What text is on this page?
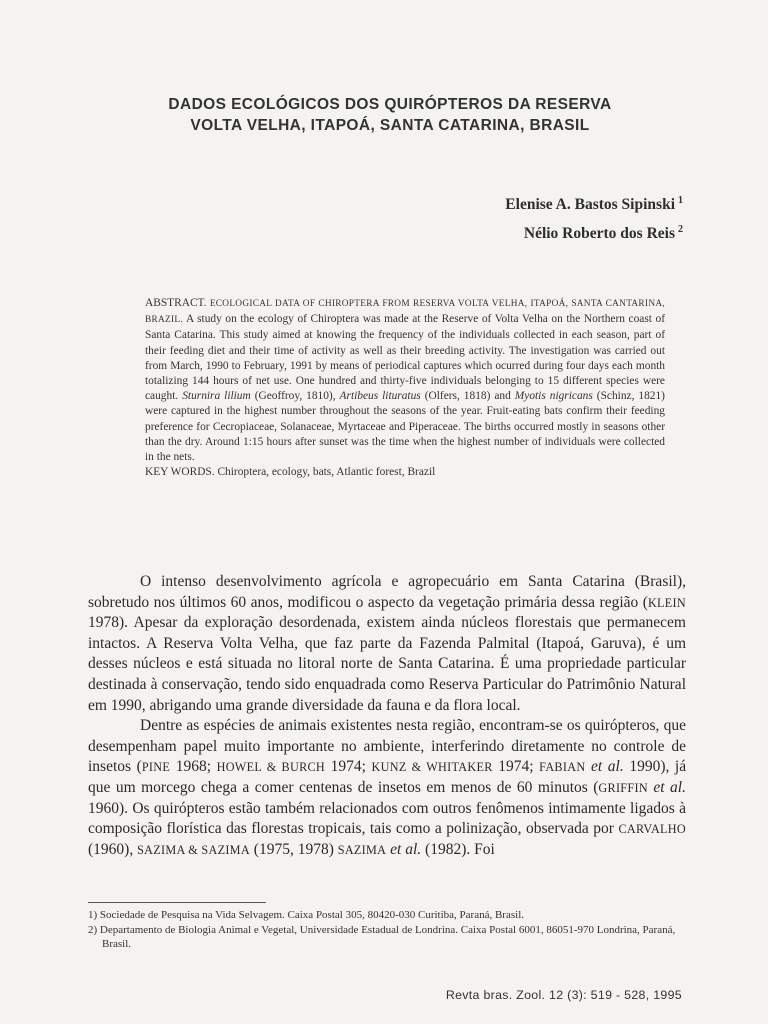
DADOS ECOLÓGICOS DOS QUIRÓPTEROS DA RESERVA
VOLTA VELHA, ITAPOÁ, SANTA CATARINA, BRASIL
Elenise A. Bastos Sipinski $^1$
Nélio Roberto dos Reis $^2$
ABSTRACT. ECOLOGICAL DATA OF CHIROPTERA FROM RESERVA VOLTA VELHA, ITAPOÁ, SANTA CANTARINA, BRAZIL. A study on the ecology of Chiroptera was made at the Reserve of Volta Velha on the Northern coast of Santa Catarina. This study aimed at knowing the frequency of the individuals collected in each season, part of their feeding diet and their time of activity as well as their breeding activity. The investigation was carried out from March, 1990 to February, 1991 by means of periodical captures which ocurred during four days each month totalizing 144 hours of net use. One hundred and thirty-five individuals belonging to 15 different species were caught. Sturnira lilium (Geoffroy, 1810), Artibeus lituratus (Olfers, 1818) and Myotis nigricans (Schinz, 1821) were captured in the highest number throughout the seasons of the year. Fruit-eating bats confirm their feeding preference for Cecropiaceae, Solanaceae, Myrtaceae and Piperaceae. The births occurred mostly in seasons other than the dry. Around 1:15 hours after sunset was the time when the highest number of individuals were collected in the nets.
KEY WORDS. Chiroptera, ecology, bats, Atlantic forest, Brazil

O intenso desenvolvimento agrícola e agropecuário em Santa Catarina (Brasil), sobretudo nos últimos 60 anos, modificou o aspecto da vegetação primária dessa região (KLEIN 1978). Apesar da exploração desordenada, existem ainda núcleos florestais que permanecem intactos. A Reserva Volta Velha, que faz parte da Fazenda Palmital (Itapoá, Garuva), é um desses núcleos e está situada no litoral norte de Santa Catarina. É uma propriedade particular destinada à conservação, tendo sido enquadrada como Reserva Particular do Patrimônio Natural em 1990, abrigando uma grande diversidade da fauna e da flora local.

Dentre as espécies de animais existentes nesta região, encontram-se os quirópteros, que desempenham papel muito importante no ambiente, interferindo diretamente no controle de insetos (PINE 1968; HOWEL & BURCH 1974; KUNZ & WHITAKER 1974; FABIAN et al. 1990), já que um morcego chega a comer centenas de insetos em menos de 60 minutos (GRIFFIN et al. 1960). Os quirópteros estão também relacionados com outros fenômenos intimamente ligados à composição florística das florestas tropicais, tais como a polinização, observada por CARVALHO (1960), SAZIMA & SAZIMA (1975, 1978) SAZIMA et al. (1982). Foi

1) Sociedade de Pesquisa na Vida Selvagem. Caixa Postal 305, 80420-030 Curitiba, Paraná, Brasil.
2) Departamento de Biologia Animal e Vegetal, Universidade Estadual de Londrina. Caixa Postal 6001, 86051-970 Londrina, Paraná, Brasil.
Revta bras. Zool. 12 (3): 519 - 528, 1995
